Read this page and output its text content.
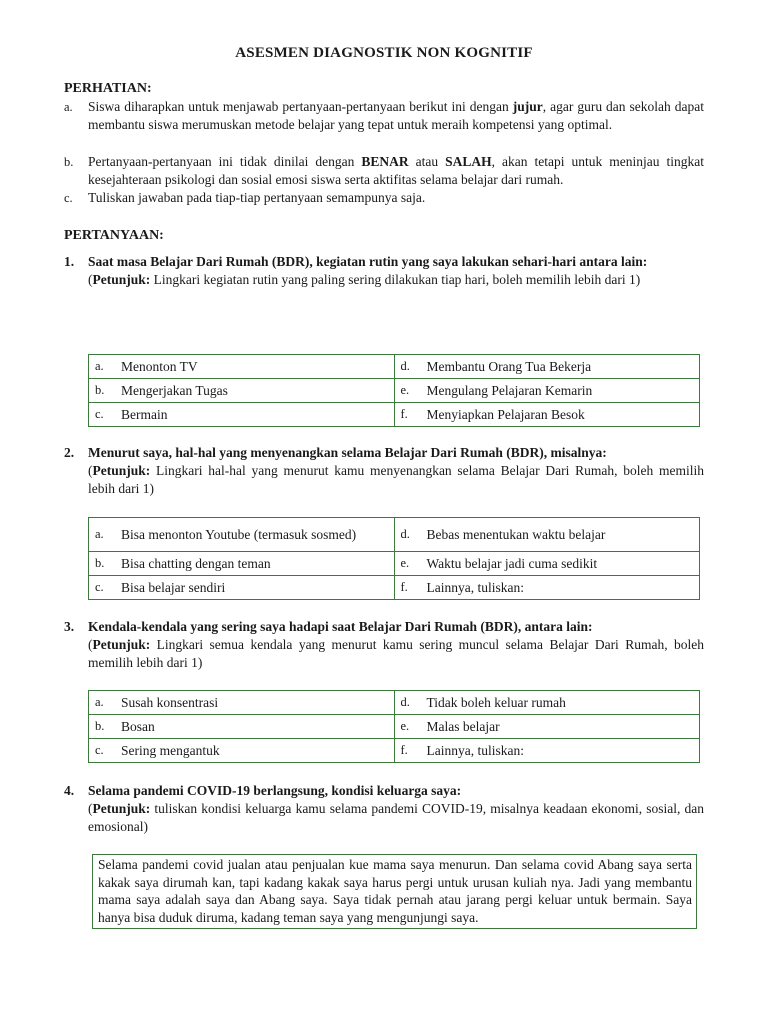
ASESMEN DIAGNOSTIK NON KOGNITIF
PERHATIAN:
a.	Siswa diharapkan untuk menjawab pertanyaan-pertanyaan berikut ini dengan jujur, agar guru dan sekolah dapat membantu siswa merumuskan metode belajar yang tepat untuk meraih kompetensi yang optimal.
b.	Pertanyaan-pertanyaan ini tidak dinilai dengan BENAR atau SALAH, akan tetapi untuk meninjau tingkat kesejahteraan psikologi dan sosial emosi siswa serta aktifitas selama belajar dari rumah.
c.	Tuliskan jawaban pada tiap-tiap pertanyaan semampunya saja.
PERTANYAAN:
1. Saat masa Belajar Dari Rumah (BDR), kegiatan rutin yang saya lakukan sehari-hari antara lain:
(Petunjuk: Lingkari kegiatan rutin yang paling sering dilakukan tiap hari, boleh memilih lebih dari 1)
a. Menonton TV	d. Membantu Orang Tua Bekerja

b. Mengerjakan Tugas	e. Mengulang Pelajaran Kemarin

c. Bermain	f. Menyiapkan Pelajaran Besok
2. Menurut saya, hal-hal yang menyenangkan selama Belajar Dari Rumah (BDR), misalnya:
(Petunjuk: Lingkari hal-hal yang menurut kamu menyenangkan selama Belajar Dari Rumah, boleh memilih lebih dari 1)
a. Bisa menonton Youtube (termasuk sosmed)	d. Bebas menentukan waktu belajar

b. Bisa chatting dengan teman	e. Waktu belajar jadi cuma sedikit

c. Bisa belajar sendiri	f. Lainnya, tuliskan:
3. Kendala-kendala yang sering saya hadapi saat Belajar Dari Rumah (BDR), antara lain:
(Petunjuk: Lingkari semua kendala yang menurut kamu sering muncul selama Belajar Dari Rumah, boleh memilih lebih dari 1)
a. Susah konsentrasi	d. Tidak boleh keluar rumah

b. Bosan	e. Malas belajar

c. Sering mengantuk	f. Lainnya, tuliskan:
4. Selama pandemi COVID-19 berlangsung, kondisi keluarga saya:
(Petunjuk: tuliskan kondisi keluarga kamu selama pandemi COVID-19, misalnya keadaan ekonomi, sosial, dan emosional)
Selama pandemi covid jualan atau penjualan kue mama saya menurun. Dan selama covid Abang saya serta kakak saya dirumah kan, tapi kadang kakak saya harus pergi untuk urusan kuliah nya. Jadi yang membantu mama saya adalah saya dan Abang saya. Saya tidak pernah atau jarang pergi keluar untuk bermain. Saya hanya bisa duduk diruma, kadang teman saya yang mengunjungi saya.
